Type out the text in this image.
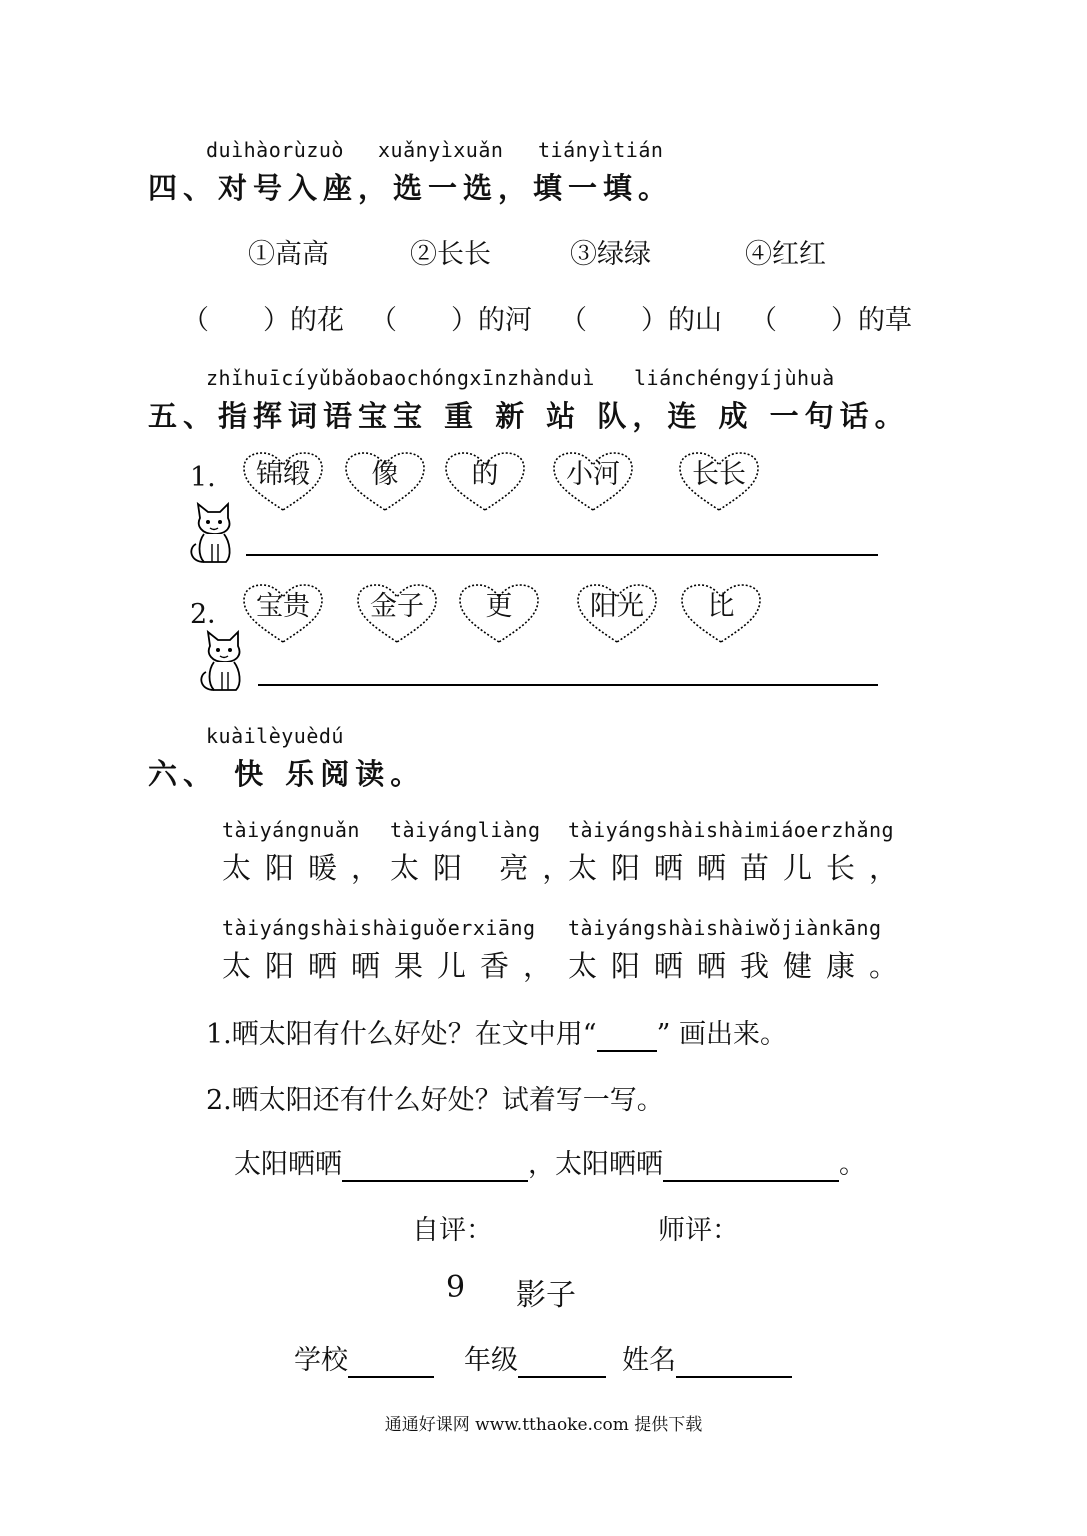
duìhàorùzuò xuǎnyìxuǎn tiányìtián
四、对号入座，选一选，填一填。
①高高	②长长	③绿绿	④红红
（　　）的花 （　　）的河 （　　）的山 （　　）的草
zhǐhuīcíyǔbǎobaochóngxīnzhànduì liánchéngyíjùhuà
五、指挥词语宝宝 重 新 站 队，连 成 一句话。
1.	锦缎	像	的	小河	长长
2． 宝贵	金子	更	阳光	比
kuàilèyuèdú
六、 快 乐阅读。
tàiyángnuǎn tàiyángliàng tàiyángshàishàimiáoerzhǎng
太阳暖，
太阳 亮，
太阳晒晒苗儿长，
tàiyángshàishàiguǒerxiāng tàiyángshàishàiwǒjiànkāng
太阳晒晒果儿香， 太阳晒晒我健康。
1.晒太阳有什么好处？在文中用“ ” 画出来。
2.晒太阳还有什么好处？试着写一写。
太阳晒晒	，太阳晒晒	。
自评：	师评：
9 影子
学校	年级	姓名
通通好课网 www.tthaoke.com 提供下载
